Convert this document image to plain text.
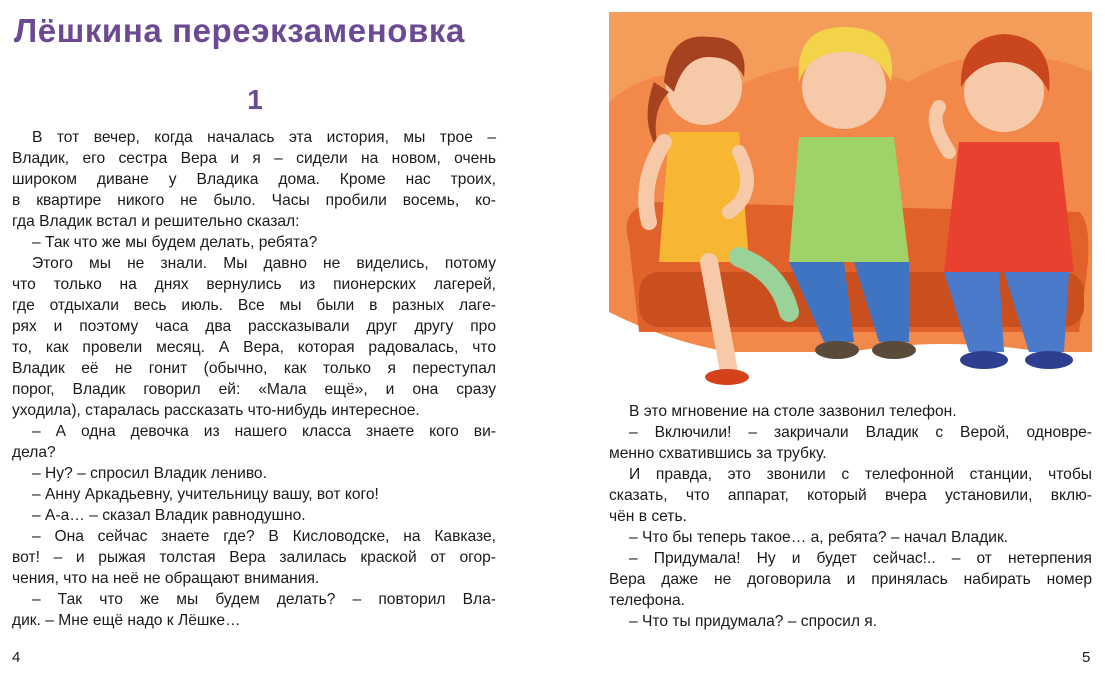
Лёшкина переэкзаменовка
1
В тот вечер, когда началась эта история, мы трое –
Владик, его сестра Вера и я – сидели на новом, очень
широком диване у Владика дома. Кроме нас троих,
в квартире никого не было. Часы пробили восемь, ко-
гда Владик встал и решительно сказал:
– Так что же мы будем делать, ребята?
Этого мы не знали. Мы давно не виделись, потому
что только на днях вернулись из пионерских лагерей,
где отдыхали весь июль. Все мы были в разных лаге-
рях и поэтому часа два рассказывали друг другу про
то, как провели месяц. А Вера, которая радовалась, что
Владик её не гонит (обычно, как только я переступал
порог, Владик говорил ей: «Мала ещё», и она сразу
уходила), старалась рассказать что-нибудь интересное.
– А одна девочка из нашего класса знаете кого ви-
дела?
– Ну? – спросил Владик лениво.
– Анну Аркадьевну, учительницу вашу, вот кого!
– А-а… – сказал Владик равнодушно.
– Она сейчас знаете где? В Кисловодске, на Кавказе,
вот! – и рыжая толстая Вера залилась краской от огор-
чения, что на неё не обращают внимания.
– Так что же мы будем делать? – повторил Вла-
дик. – Мне ещё надо к Лёшке…
В это мгновение на столе зазвонил телефон.
– Включили! – закричали Владик с Верой, одновре-
менно схватившись за трубку.
И правда, это звонили с телефонной станции, чтобы
сказать, что аппарат, который вчера установили, вклю-
чён в сеть.
– Что бы теперь такое… а, ребята? – начал Владик.
– Придумала! Ну и будет сейчас!.. – от нетерпения
Вера даже не договорила и принялась набирать номер
телефона.
– Что ты придумала? – спросил я.
4	5
